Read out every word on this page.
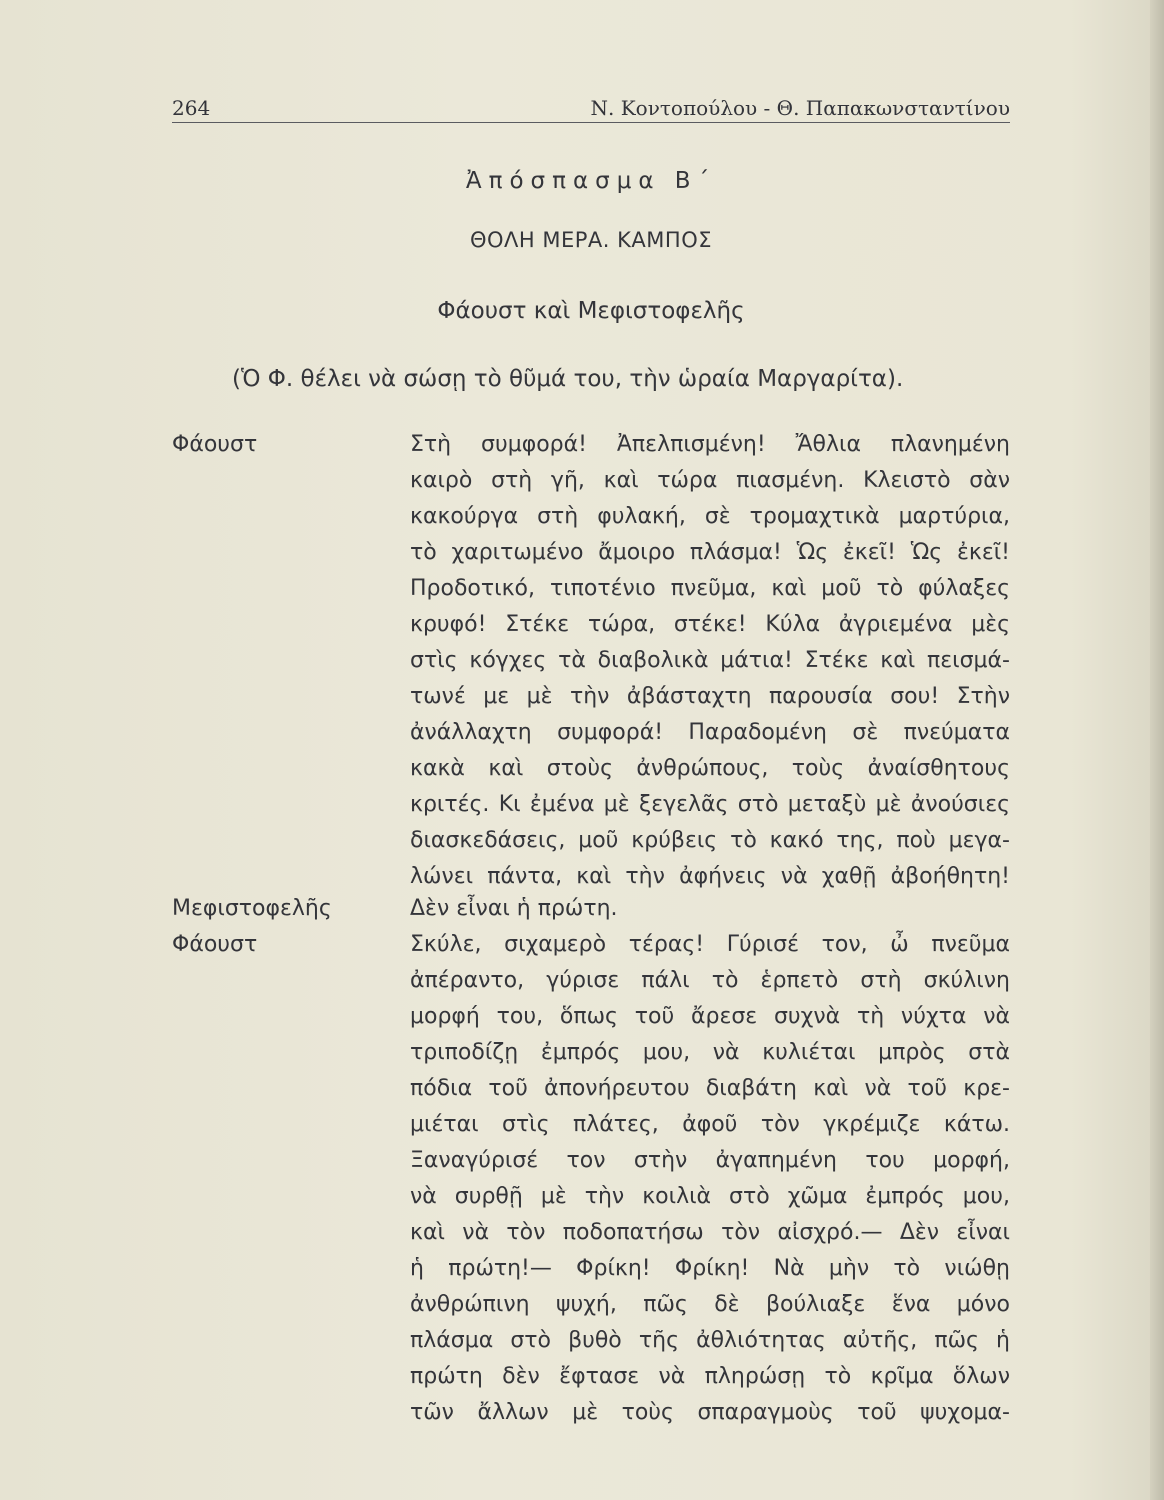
264	Ν. Κοντοπούλου - Θ. Παπακωνσταντίνου
Ἀπόσπασμα Β΄
ΘΟΛΗ ΜΕΡΑ. ΚΑΜΠΟΣ
Φάουστ καὶ Μεφιστοφελῆς
(Ὁ Φ. θέλει νὰ σώσῃ τὸ θῦμά του, τὴν ὡραία Μαργαρίτα).
Φάουστ
Μεφιστοφελῆς
Φάουστ
Στὴ συμφορά! Ἀπελπισμένη! Ἄθλια πλανημένη
καιρὸ στὴ γῆ, καὶ τώρα πιασμένη. Κλειστὸ σὰν
κακούργα στὴ φυλακή, σὲ τρομαχτικὰ μαρτύρια,
τὸ χαριτωμένο ἄμοιρο πλάσμα! Ὡς ἐκεῖ! Ὡς ἐκεῖ!
Προδοτικό, τιποτένιο πνεῦμα, καὶ μοῦ τὸ φύλαξες
κρυφό! Στέκε τώρα, στέκε! Κύλα ἀγριεμένα μὲς
στὶς κόγχες τὰ διαβολικὰ μάτια! Στέκε καὶ πεισμά-
τωνέ με μὲ τὴν ἀβάσταχτη παρουσία σου! Στὴν
ἀνάλλαχτη συμφορά! Παραδομένη σὲ πνεύματα
κακὰ καὶ στοὺς ἀνθρώπους, τοὺς ἀναίσθητους
κριτές. Κι ἐμένα μὲ ξεγελᾶς στὸ μεταξὺ μὲ ἀνούσιες
διασκεδάσεις, μοῦ κρύβεις τὸ κακό της, ποὺ μεγα-
λώνει πάντα, καὶ τὴν ἀφήνεις νὰ χαθῇ ἀβοήθητη!
Δὲν εἶναι ἡ πρώτη.
Σκύλε, σιχαμερὸ τέρας! Γύρισέ τον, ὦ πνεῦμα
ἀπέραντο, γύρισε πάλι τὸ ἑρπετὸ στὴ σκύλινη
μορφή του, ὅπως τοῦ ἄρεσε συχνὰ τὴ νύχτα νὰ
τριποδίζῃ ἐμπρός μου, νὰ κυλιέται μπρὸς στὰ
πόδια τοῦ ἀπονήρευτου διαβάτη καὶ νὰ τοῦ κρε-
μιέται στὶς πλάτες, ἀφοῦ τὸν γκρέμιζε κάτω.
Ξαναγύρισέ τον στὴν ἀγαπημένη του μορφή,
νὰ συρθῇ μὲ τὴν κοιλιὰ στὸ χῶμα ἐμπρός μου,
καὶ νὰ τὸν ποδοπατήσω τὸν αἰσχρό.— Δὲν εἶναι
ἡ πρώτη!— Φρίκη! Φρίκη! Νὰ μὴν τὸ νιώθῃ
ἀνθρώπινη ψυχή, πῶς δὲ βούλιαξε ἕνα μόνο
πλάσμα στὸ βυθὸ τῆς ἀθλιότητας αὐτῆς, πῶς ἡ
πρώτη δὲν ἔφτασε νὰ πληρώσῃ τὸ κρῖμα ὅλων
τῶν ἄλλων μὲ τοὺς σπαραγμοὺς τοῦ ψυχομα-
